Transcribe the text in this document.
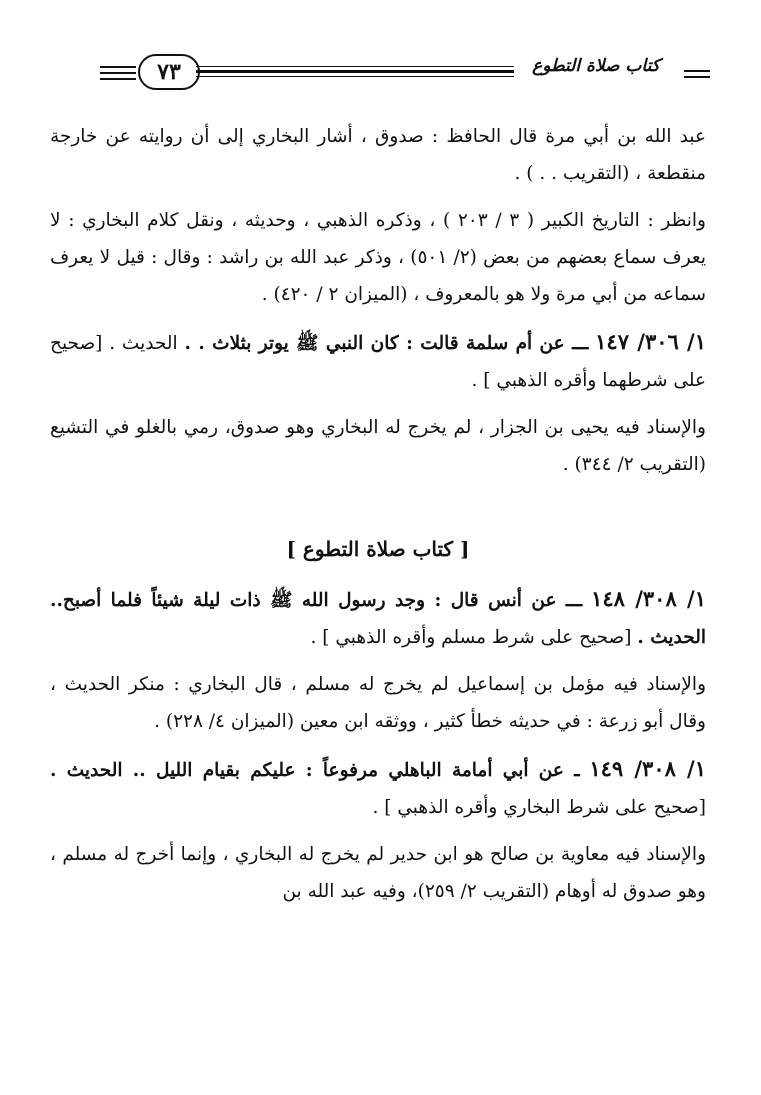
٧٣	كتاب صلاة التطوع

عبد الله بن أبي مرة قال الحافظ : صدوق ، أشار البخاري إلى أن روايته عن خارجة منقطعة ، (التقريب . . ) .

وانظر : التاريخ الكبير ( ٣ / ٢٠٣ ) ، وذكره الذهبي ، وحديثه ، ونقل كلام البخاري : لا يعرف سماع بعضهم من بعض (٢/ ٥٠١) ، وذكر عبد الله بن راشد : وقال : قيل لا يعرف سماعه من أبي مرة ولا هو بالمعروف ، (الميزان ٢ / ٤٢٠) .

١/ ٣٠٦/ ١٤٧ ـــ عن أم سلمة قالت : كان النبي ﷺ يوتر بثلاث . . الحديث . [صحيح على شرطهما وأقره الذهبي ] .

والإسناد فيه يحيى بن الجزار ، لم يخرج له البخاري وهو صدوق، رمي بالغلو في التشيع (التقريب ٢/ ٣٤٤) .

[ كتاب صلاة التطوع ]

١/ ٣٠٨/ ١٤٨ ـــ عن أنس قال : وجد رسول الله ﷺ ذات ليلة شيئاً فلما أصبح.. الحديث . [صحيح على شرط مسلم وأقره الذهبي ] .

والإسناد فيه مؤمل بن إسماعيل لم يخرج له مسلم ، قال البخاري : منكر الحديث ، وقال أبو زرعة : في حديثه خطأ كثير ، ووثقه ابن معين (الميزان ٤/ ٢٢٨) .

١/ ٣٠٨/ ١٤٩ ـ عن أبي أمامة الباهلي مرفوعاً : عليكم بقيام الليل .. الحديث . [صحيح على شرط البخاري وأقره الذهبي ] .

والإسناد فيه معاوية بن صالح هو ابن حدير لم يخرج له البخاري ، وإنما أخرج له مسلم ، وهو صدوق له أوهام (التقريب ٢/ ٢٥٩)، وفيه عبد الله بن
